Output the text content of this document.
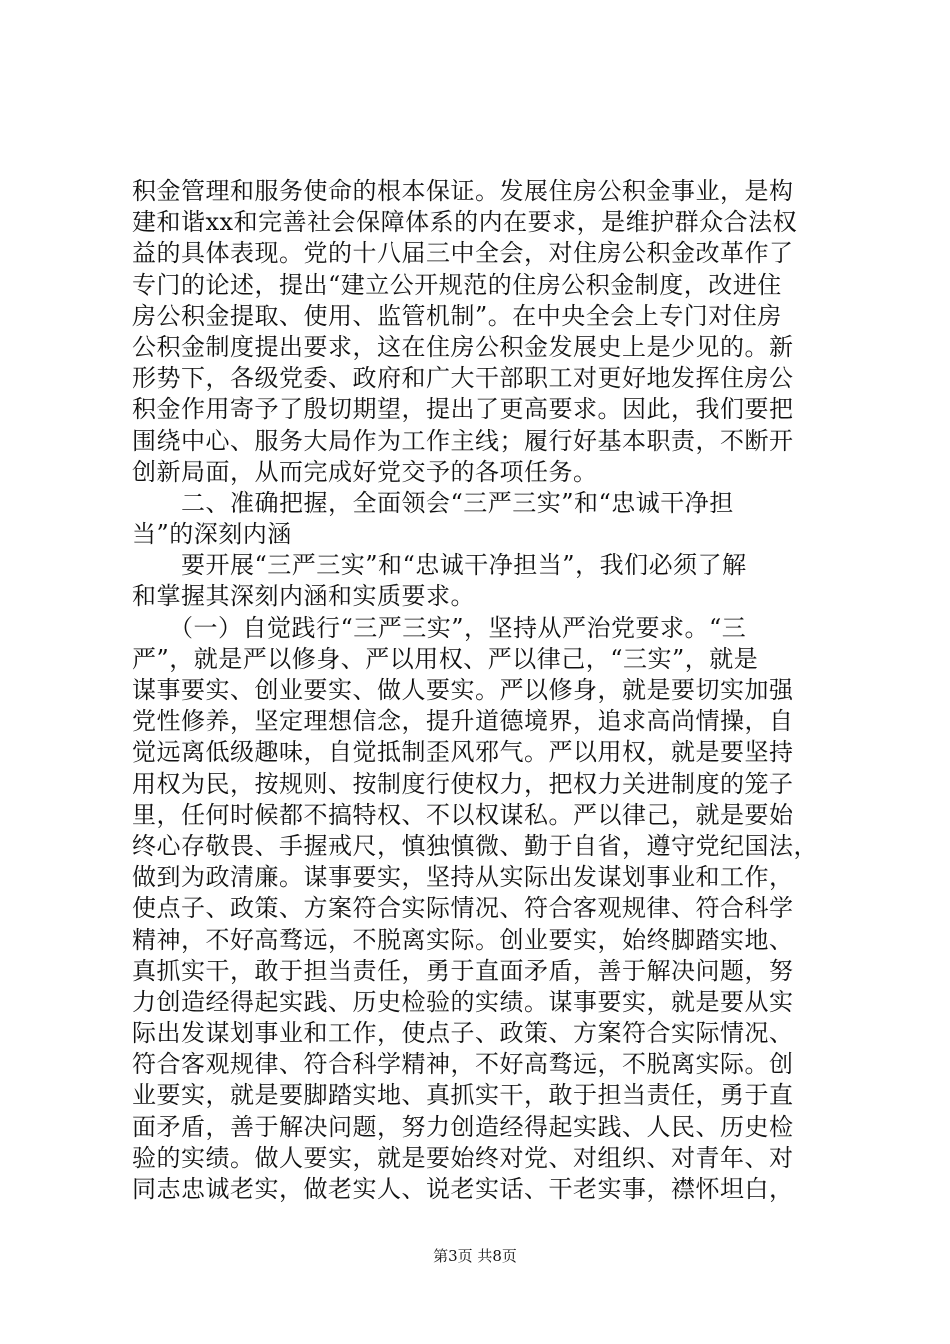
积金管理和服务使命的根本保证。发展住房公积金事业，是构
建和谐xx和完善社会保障体系的内在要求，是维护群众合法权
益的具体表现。党的十八届三中全会，对住房公积金改革作了
专门的论述，提出“建立公开规范的住房公积金制度，改进住
房公积金提取、使用、监管机制”。在中央全会上专门对住房
公积金制度提出要求，这在住房公积金发展史上是少见的。新
形势下，各级党委、政府和广大干部职工对更好地发挥住房公
积金作用寄予了殷切期望，提出了更高要求。因此，我们要把
围绕中心、服务大局作为工作主线；履行好基本职责，不断开
创新局面，从而完成好党交予的各项任务。
　　二、准确把握，全面领会“三严三实”和“忠诚干净担
当”的深刻内涵
　　要开展“三严三实”和“忠诚干净担当”，我们必须了解
和掌握其深刻内涵和实质要求。
　　（一）自觉践行“三严三实”，坚持从严治党要求。“三
严”，就是严以修身、严以用权、严以律己，“三实”，就是
谋事要实、创业要实、做人要实。严以修身，就是要切实加强
党性修养，坚定理想信念，提升道德境界，追求高尚情操，自
觉远离低级趣味，自觉抵制歪风邪气。严以用权，就是要坚持
用权为民，按规则、按制度行使权力，把权力关进制度的笼子
里，任何时候都不搞特权、不以权谋私。严以律己，就是要始
终心存敬畏、手握戒尺，慎独慎微、勤于自省，遵守党纪国法，
做到为政清廉。谋事要实，坚持从实际出发谋划事业和工作，
使点子、政策、方案符合实际情况、符合客观规律、符合科学
精神，不好高骛远，不脱离实际。创业要实，始终脚踏实地、
真抓实干，敢于担当责任，勇于直面矛盾，善于解决问题，努
力创造经得起实践、历史检验的实绩。谋事要实，就是要从实
际出发谋划事业和工作，使点子、政策、方案符合实际情况、
符合客观规律、符合科学精神，不好高骛远，不脱离实际。创
业要实，就是要脚踏实地、真抓实干，敢于担当责任，勇于直
面矛盾，善于解决问题，努力创造经得起实践、人民、历史检
验的实绩。做人要实，就是要始终对党、对组织、对青年、对
同志忠诚老实，做老实人、说老实话、干老实事，襟怀坦白，
第3页 共8页
